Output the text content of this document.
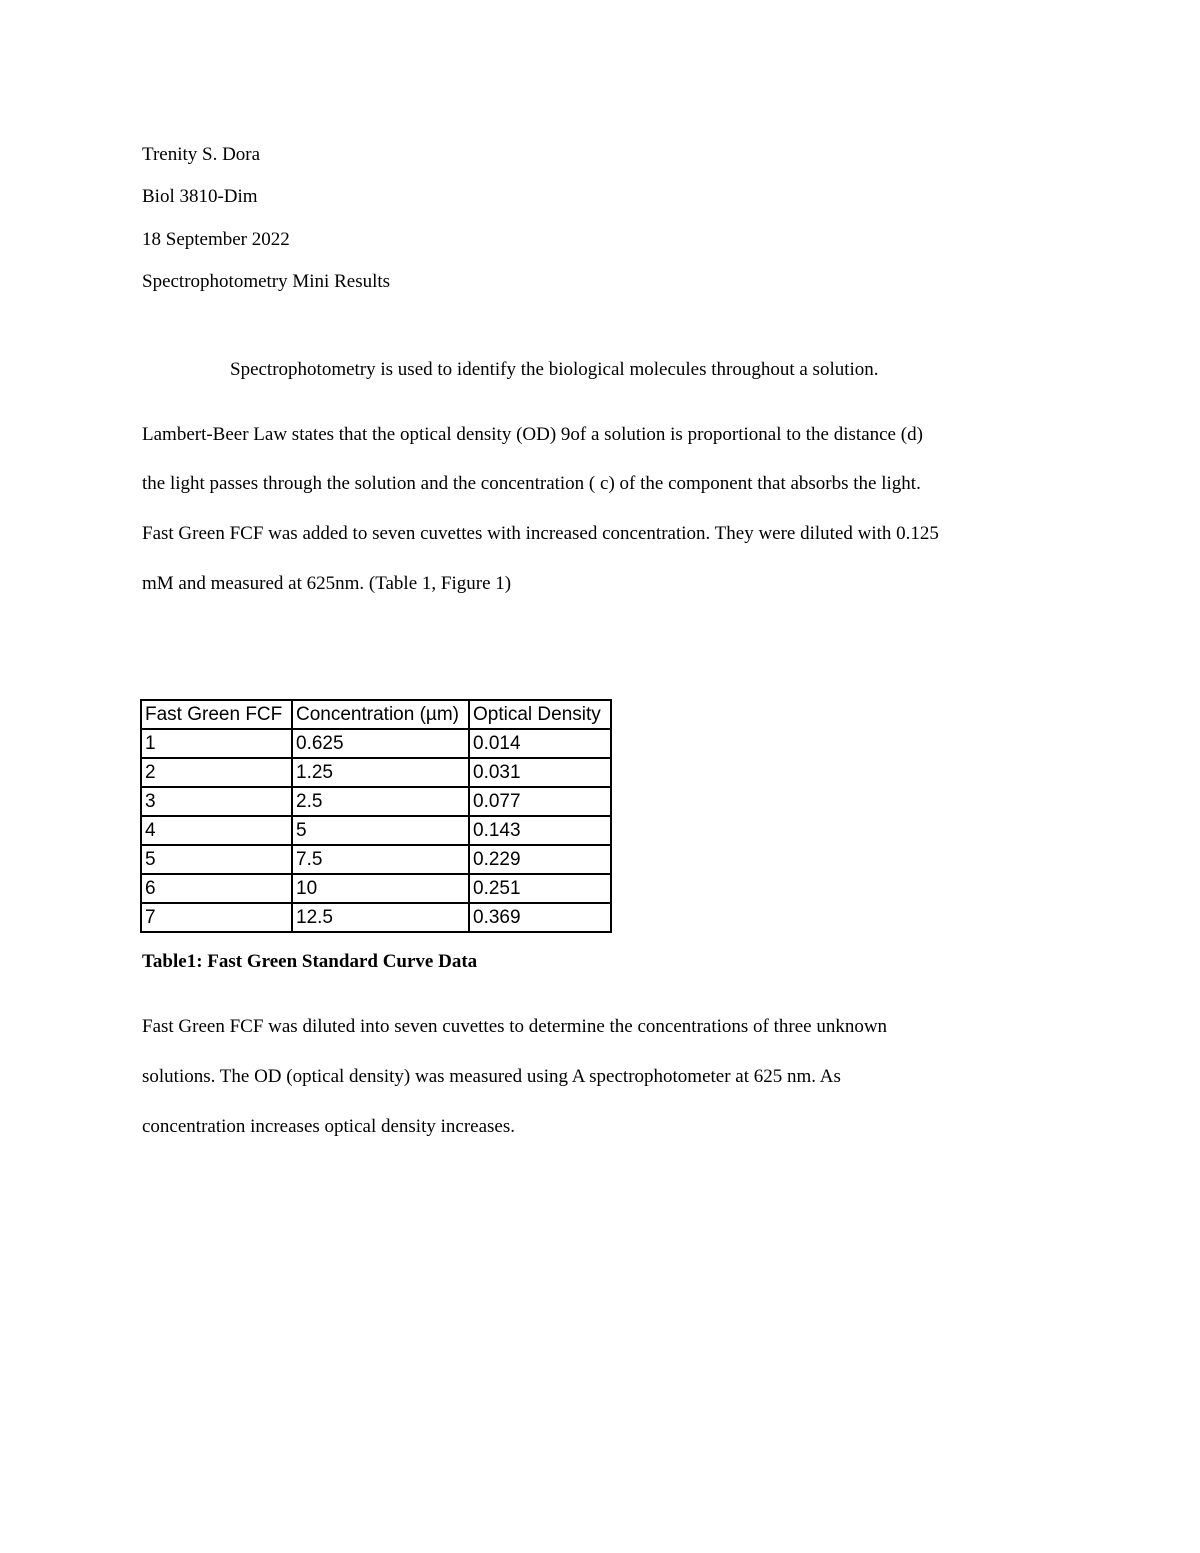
Trenity S. Dora
Biol 3810-Dim
18 September 2022
Spectrophotometry Mini Results
Spectrophotometry is used to identify the biological molecules throughout a solution.
Lambert-Beer Law states that the optical density (OD) 9of a solution is proportional to the distance (d)
the light passes through the solution and the concentration ( c) of the component that absorbs the light.
Fast Green FCF was added to seven cuvettes with increased concentration. They were diluted with 0.125
mM and measured at 625nm. (Table 1, Figure 1)
Fast Green FCF	Concentration (µm)	Optical Density
1	0.625	0.014
2	1.25	0.031
3	2.5	0.077
4	5	0.143
5	7.5	0.229
6	10	0.251
7	12.5	0.369
Table1: Fast Green Standard Curve Data
Fast Green FCF was diluted into seven cuvettes to determine the concentrations of three unknown
solutions. The OD (optical density) was measured using A spectrophotometer at 625 nm. As
concentration increases optical density increases.
